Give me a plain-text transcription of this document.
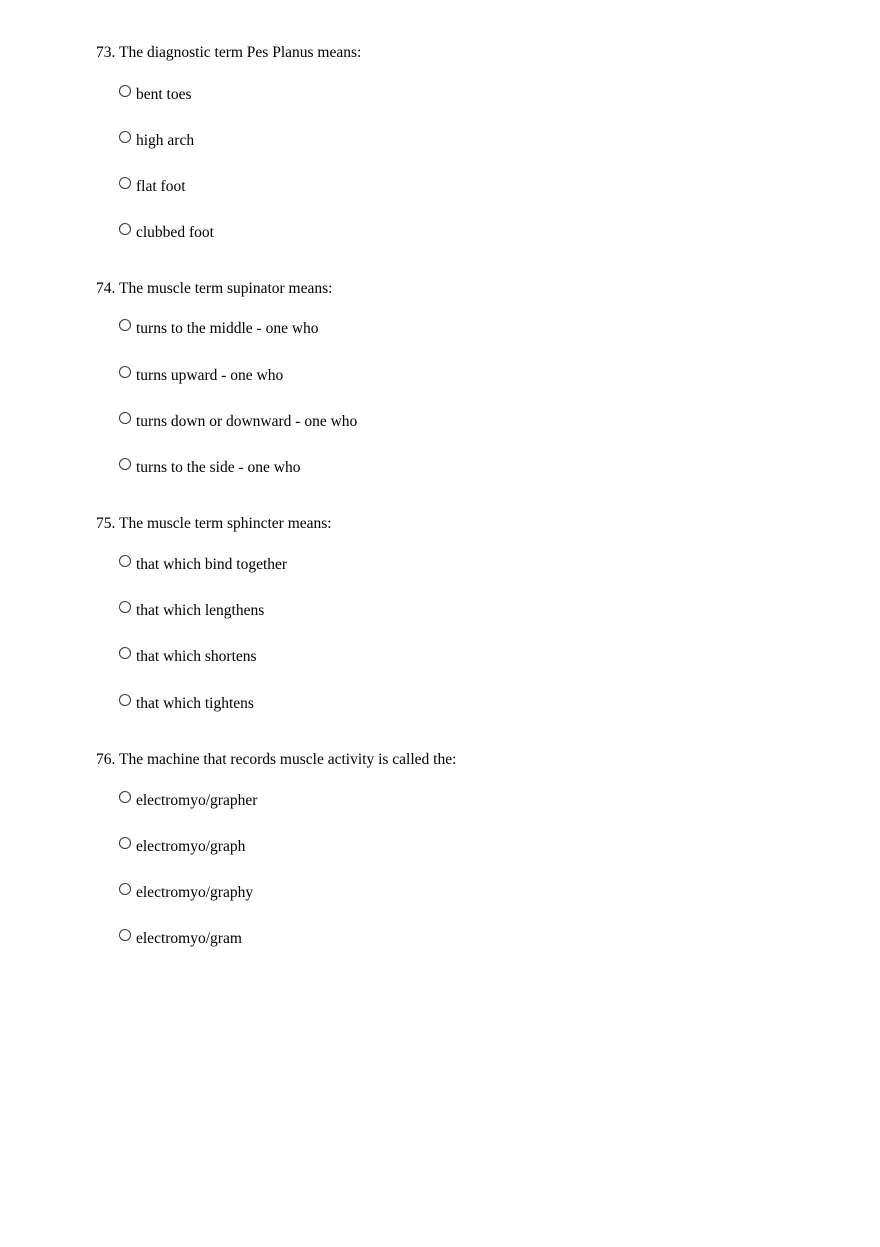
73. The diagnostic term Pes Planus means:

bent toes
high arch
flat foot
clubbed foot

74. The muscle term supinator means:

turns to the middle - one who
turns upward - one who
turns down or downward - one who
turns to the side - one who

75. The muscle term sphincter means:

that which bind together
that which lengthens
that which shortens
that which tightens

76. The machine that records muscle activity is called the:

electromyo/grapher
electromyo/graph
electromyo/graphy
electromyo/gram
